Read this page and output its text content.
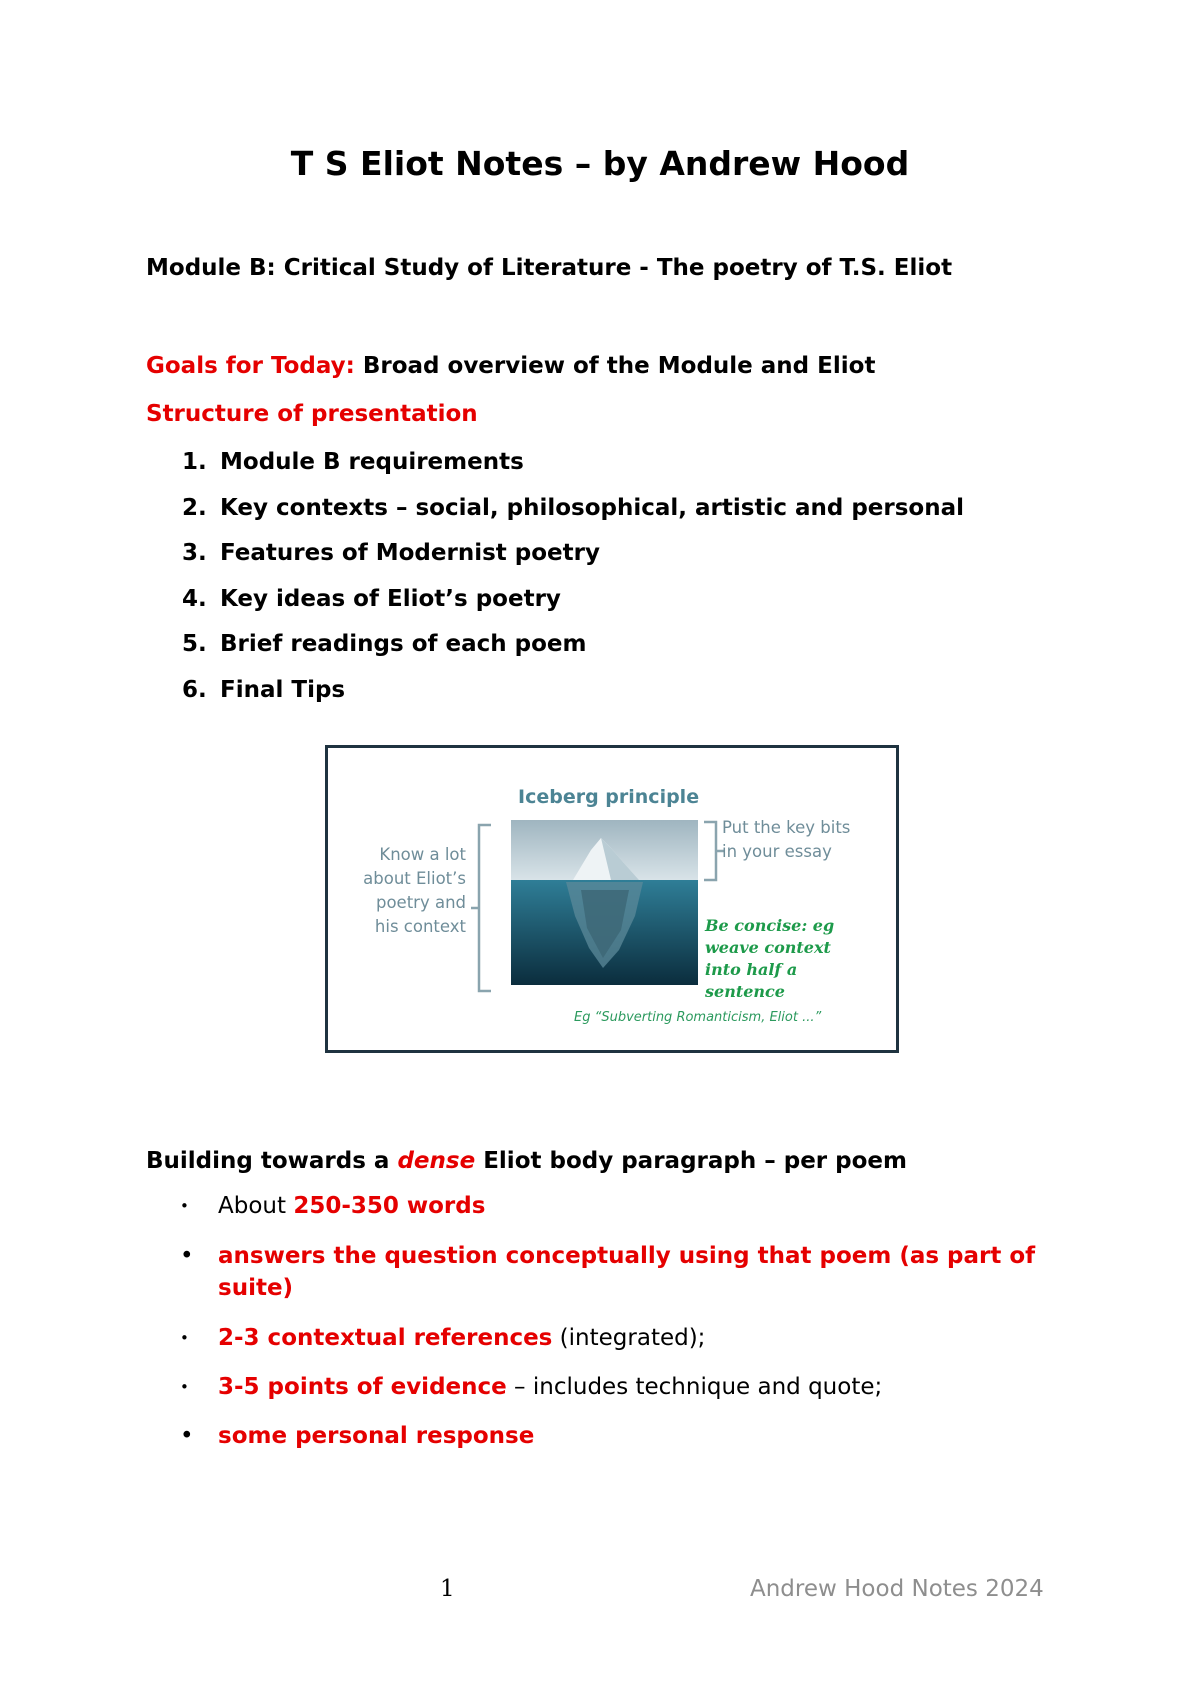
T S Eliot Notes – by Andrew Hood
Module B: Critical Study of Literature - The poetry of T.S. Eliot
Goals for Today: Broad overview of the Module and Eliot
Structure of presentation
1. Module B requirements
2. Key contexts – social, philosophical, artistic and personal
3. Features of Modernist poetry
4. Key ideas of Eliot’s poetry
5. Brief readings of each poem
6. Final Tips
Iceberg principle
Know a lot about Eliot’s poetry and his context
Put the key bits in your essay
Be concise: eg weave context into half a sentence
Eg “Subverting Romanticism, Eliot ...”
Building towards a dense Eliot body paragraph – per poem
•	About 250-350 words
•	answers the question conceptually using that poem (as part of suite)
•	2-3 contextual references (integrated);
•	3-5 points of evidence – includes technique and quote;
•	some personal response
1	Andrew Hood Notes 2024
